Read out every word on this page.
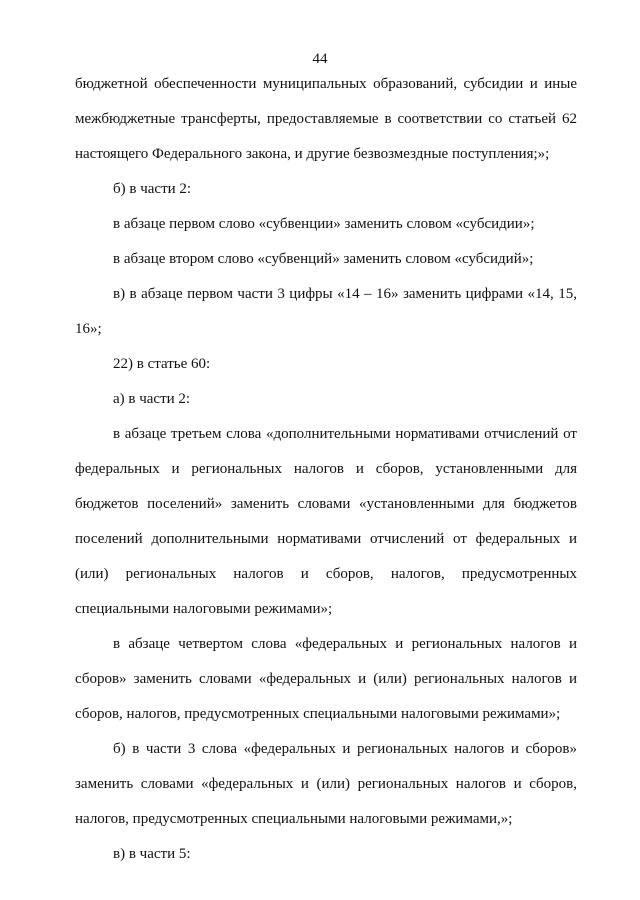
44
бюджетной обеспеченности муниципальных образований, субсидии и иные
межбюджетные трансферты, предоставляемые в соответствии со статьей 62
настоящего Федерального закона, и другие безвозмездные поступления;»;
б) в части 2:
в абзаце первом слово «субвенции» заменить словом «субсидии»;
в абзаце втором слово «субвенций» заменить словом «субсидий»;
в) в абзаце первом части 3 цифры «14 – 16» заменить цифрами «14, 15,
16»;
22) в статье 60:
а) в части 2:
в абзаце третьем слова «дополнительными нормативами отчислений от
федеральных и региональных налогов и сборов, установленными для
бюджетов поселений» заменить словами «установленными для бюджетов
поселений дополнительными нормативами отчислений от федеральных и
(или) региональных налогов и сборов, налогов, предусмотренных
специальными налоговыми режимами»;
в абзаце четвертом слова «федеральных и региональных налогов и
сборов» заменить словами «федеральных и (или) региональных налогов и
сборов, налогов, предусмотренных специальными налоговыми режимами»;
б) в части 3 слова «федеральных и региональных налогов и сборов»
заменить словами «федеральных и (или) региональных налогов и сборов,
налогов, предусмотренных специальными налоговыми режимами,»;
в) в части 5:
